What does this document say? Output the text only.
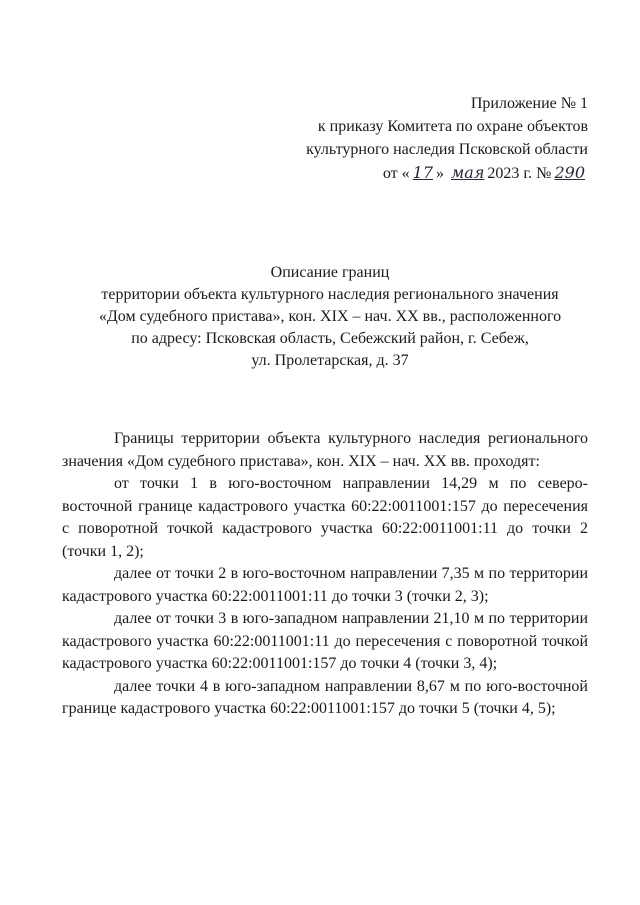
Приложение № 1
к приказу Комитета по охране объектов
культурного наследия Псковской области
от « 17 » мая 2023 г. № 290
Описание границ
территории объекта культурного наследия регионального значения
«Дом судебного пристава», кон. XIX – нач. XX вв., расположенного
по адресу: Псковская область, Себежский район, г. Себеж,
ул. Пролетарская, д. 37

Границы территории объекта культурного наследия регионального значения «Дом судебного пристава», кон. XIX – нач. XX вв. проходят:

от точки 1 в юго-восточном направлении 14,29 м по северо-восточной границе кадастрового участка 60:22:0011001:157 до пересечения с поворотной точкой кадастрового участка 60:22:0011001:11 до точки 2 (точки 1, 2);

далее от точки 2 в юго-восточном направлении 7,35 м по территории кадастрового участка 60:22:0011001:11 до точки 3 (точки 2, 3);

далее от точки 3 в юго-западном направлении 21,10 м по территории кадастрового участка 60:22:0011001:11 до пересечения с поворотной точкой кадастрового участка 60:22:0011001:157 до точки 4 (точки 3, 4);

далее точки 4 в юго-западном направлении 8,67 м по юго-восточной границе кадастрового участка 60:22:0011001:157 до точки 5 (точки 4, 5);
